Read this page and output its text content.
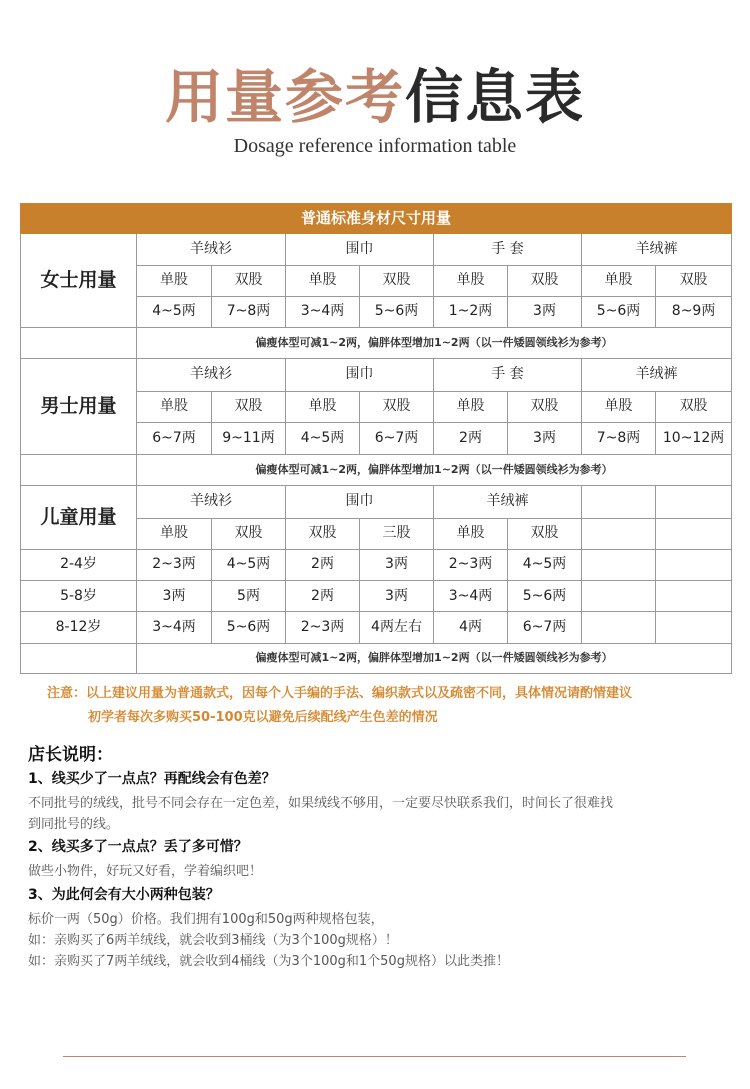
用量参考信息表
Dosage reference information table
普通标准身材尺寸用量								
女士用量	羊绒衫		围巾		手 套		羊绒裤	
	单股	双股	单股	双股	单股	双股	单股	双股
	4~5两	7~8两	3~4两	5~6两	1~2两	3两	5~6两	8~9两
	偏瘦体型可减1~2两，偏胖体型增加1~2两（以一件矮圆领线衫为参考）							
男士用量	羊绒衫		围巾		手 套		羊绒裤	
	单股	双股	单股	双股	单股	双股	单股	双股
	6~7两	9~11两	4~5两	6~7两	2两	3两	7~8两	10~12两
	偏瘦体型可减1~2两，偏胖体型增加1~2两（以一件矮圆领线衫为参考）							
儿童用量	羊绒衫		围巾		羊绒裤			
	单股	双股	双股	三股	单股	双股		
2-4岁	2~3两	4~5两	2两	3两	2~3两	4~5两		
5-8岁	3两	5两	2两	3两	3~4两	5~6两		
8-12岁	3~4两	5~6两	2~3两	4两左右	4两	6~7两		
	偏瘦体型可减1~2两，偏胖体型增加1~2两（以一件矮圆领线衫为参考）							
注意：以上建议用量为普通款式，因每个人手编的手法、编织款式以及疏密不同，具体情况请酌情建议
初学者每次多购买50-100克以避免后续配线产生色差的情况
店长说明：
1、线买少了一点点？再配线会有色差？
不同批号的绒线，批号不同会存在一定色差，如果绒线不够用，一定要尽快联系我们，时间长了很难找
到同批号的线。
2、线买多了一点点？丢了多可惜？
做些小物件，好玩又好看，学着编织吧！
3、为此何会有大小两种包装？
标价一两（50g）价格。我们拥有100g和50g两种规格包装，
如：亲购买了6两羊绒线，就会收到3桶线（为3个100g规格）！
如：亲购买了7两羊绒线，就会收到4桶线（为3个100g和1个50g规格）以此类推！
